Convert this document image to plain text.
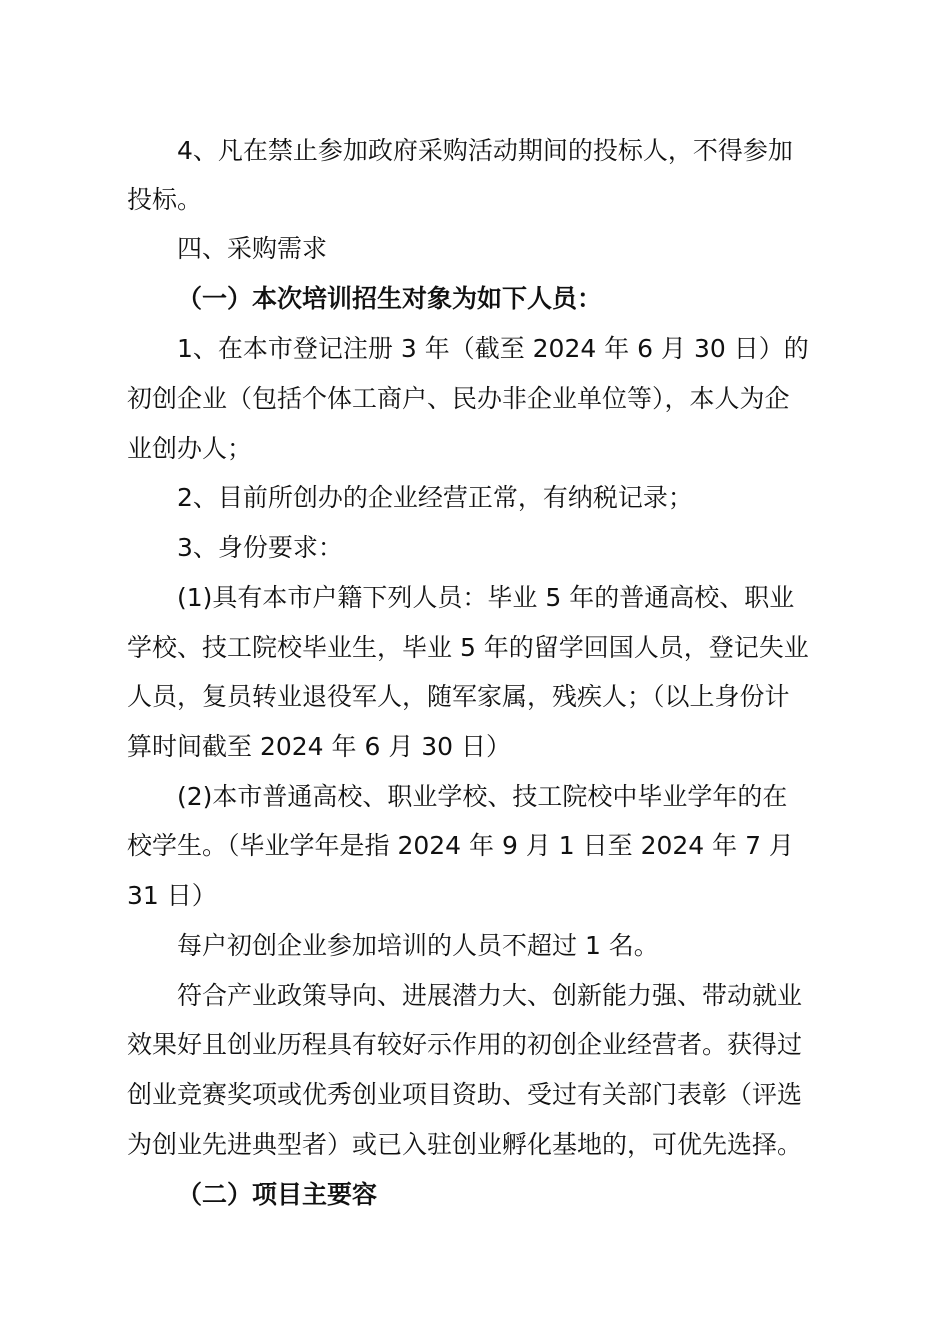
4、凡在禁止参加政府采购活动期间的投标人，不得参加
投标。
四、采购需求
（一）本次培训招生对象为如下人员：
1、在本市登记注册 3 年（截至 2024 年 6 月 30 日）的
初创企业（包括个体工商户、民办非企业单位等），本人为企
业创办人；
2、目前所创办的企业经营正常，有纳税记录；
3、身份要求：
(1)具有本市户籍下列人员：毕业 5 年的普通高校、职业
学校、技工院校毕业生，毕业 5 年的留学回国人员，登记失业
人员，复员转业退役军人，随军家属，残疾人；（以上身份计
算时间截至 2024 年 6 月 30 日）
(2)本市普通高校、职业学校、技工院校中毕业学年的在
校学生。（毕业学年是指 2024 年 9 月 1 日至 2024 年 7 月
31 日）
每户初创企业参加培训的人员不超过 1 名。
符合产业政策导向、进展潜力大、创新能力强、带动就业
效果好且创业历程具有较好示作用的初创企业经营者。获得过
创业竞赛奖项或优秀创业项目资助、受过有关部门表彰（评选
为创业先进典型者）或已入驻创业孵化基地的，可优先选择。
（二）项目主要容
